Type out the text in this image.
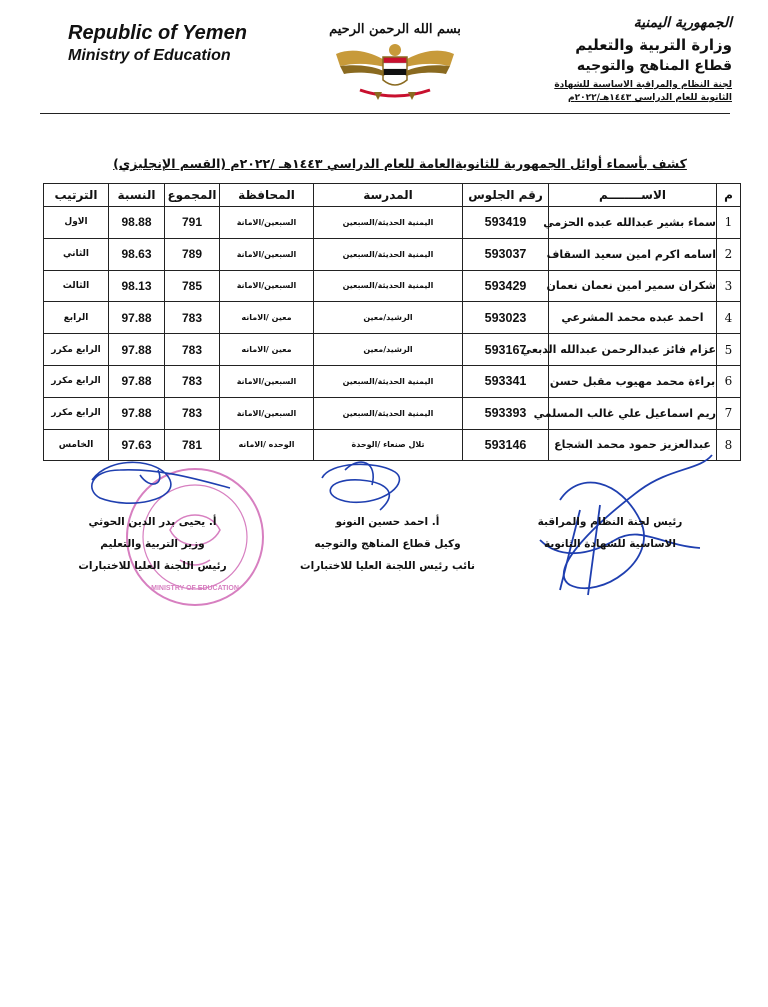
Republic of Yemen
Ministry of Education
بسم الله الرحمن الرحيم	الجمهورية اليمنية
وزارة التربية والتعليم
قطاع المناهج والتوجيه
لجنة النظام والمراقبة الاساسية للشهادة
الثانوية للعام الدراسي ١٤٤٣هـ/٢٠٢٢م
كشف بأسماء أوائل الجمهورية للثانويةالعامة للعام الدراسي ١٤٤٣هـ /٢٠٢٢م (القسم الإنجليزي)
م	الاســــــــم	رقم الجلوس	المدرسة	المحافظة	المجموع	النسبة	الترتيب
1	سماء بشير عبدالله عبده الحزمي	593419	اليمنية الحديثة/السبعين	السبعين/الامانة	791	98.88	الاول
2	اسامه اكرم امين سعيد السقاف	593037	اليمنية الحديثة/السبعين	السبعين/الامانة	789	98.63	الثاني
3	شكران سمير امين نعمان نعمان	593429	اليمنية الحديثة/السبعين	السبعين/الامانة	785	98.13	الثالث
4	احمد عبده محمد المشرعي	593023	الرشيد/معين	معين /الامانه	783	97.88	الرابع
5	عزام فائز عبدالرحمن عبدالله الدبعي	593167	الرشيد/معين	معين /الامانه	783	97.88	الرابع مكرر
6	براءة محمد مهيوب مقبل حسن	593341	اليمنية الحديثة/السبعين	السبعين/الامانة	783	97.88	الرابع مكرر
7	ريم اسماعيل علي غالب المسلمي	593393	اليمنية الحديثة/السبعين	السبعين/الامانة	783	97.88	الرابع مكرر
8	عبدالعزيز حمود محمد الشجاع	593146	تلال صنعاء /الوحدة	الوحده /الامانه	781	97.63	الخامس
MINISTRY OF EDUCATION
أ. يحيى بدر الدين الحوثي
وزير التربية والتعليم
رئيس اللجنة العليا للاختبارات
أ. احمد حسين النونو
وكيل قطاع المناهج والتوجيه
نائب رئيس اللجنة العليا للاختبارات
رئيس لجنة النظام والمراقبة
الاساسية للشهادة الثانوية
